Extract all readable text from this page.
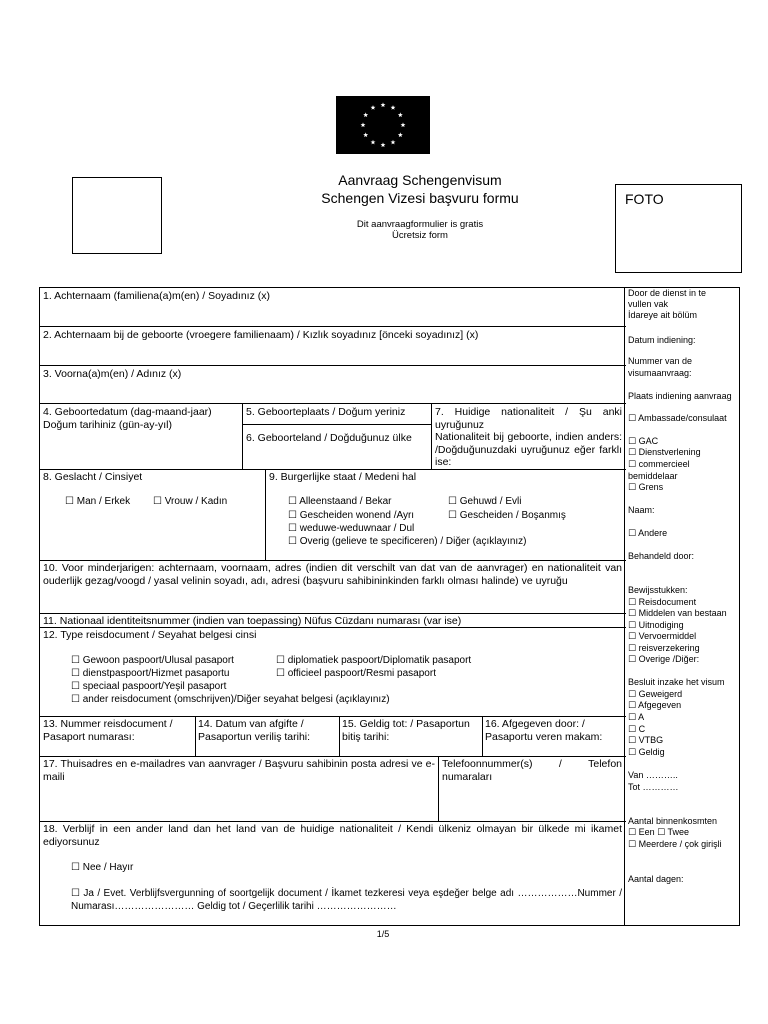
Aanvraag Schengenvisum
Schengen Vizesi başvuru formu
Dit aanvraagformulier is gratis
Ücretsiz form
FOTO
1. Achternaam (familiena(a)m(en) / Soyadınız (x)
2. Achternaam bij de geboorte (vroegere familienaam) / Kızlık soyadınız [önceki soyadınız] (x)
3. Voorna(a)m(en) / Adınız (x)
4. Geboortedatum (dag-maand-jaar) Doğum tarihiniz (gün-ay-yıl)
5. Geboorteplaats / Doğum yeriniz
6. Geboorteland / Doğduğunuz ülke
7. Huidige nationaliteit / Şu anki uyruğunuz
Nationaliteit bij geboorte, indien anders: /Doğduğunuzdaki uyruğunuz eğer farklı ise:
8. Geslacht / Cinsiyet
☐ Man / Erkek ☐ Vrouw / Kadın
9. Burgerlijke staat / Medeni hal
☐ Alleenstaand / Bekar	☐ Gehuwd / Evli
☐ Gescheiden wonend /Ayrı	☐ Gescheiden / Boşanmış
☐ weduwe-weduwnaar / Dul
☐ Overig (gelieve te specificeren) / Diğer (açıklayınız)
10. Voor minderjarigen: achternaam, voornaam, adres (indien dit verschilt van dat van de aanvrager) en nationaliteit van ouderlijk gezag/voogd / yasal velinin soyadı, adı, adresi (başvuru sahibininkinden farklı olması halinde) ve uyruğu
11. Nationaal identiteitsnummer (indien van toepassing) Nüfus Cüzdanı numarası (var ise)
12. Type reisdocument / Seyahat belgesi cinsi
☐ Gewoon paspoort/Ulusal pasaport	☐ diplomatiek paspoort/Diplomatik pasaport
☐ dienstpaspoort/Hizmet pasaportu	☐ officieel paspoort/Resmi pasaport
☐ speciaal paspoort/Yeşil pasaport
☐ ander reisdocument (omschrijven)/Diğer seyahat belgesi (açıklayınız)
13. Nummer reisdocument / Pasaport numarası:
14. Datum van afgifte / Pasaportun veriliş tarihi:
15. Geldig tot: / Pasaportun bitiş tarihi:
16. Afgegeven door: / Pasaportu veren makam:
17. Thuisadres en e-mailadres van aanvrager / Başvuru sahibinin posta adresi ve e-maili
Telefoonnummer(s) / Telefon numaraları
18. Verblijf in een ander land dan het land van de huidige nationaliteit / Kendi ülkeniz olmayan bir ülkede mi ikamet ediyorsunuz
☐ Nee / Hayır
☐ Ja / Evet. Verblijfsvergunning of soortgelijk document / İkamet tezkeresi veya eşdeğer belge adı ………………Nummer / Numarası…………………… Geldig tot / Geçerlilik tarihi ……………………
Door de dienst in te
vullen vak
İdareye ait bölüm
Datum indiening:
Nummer van de
visumaanvraag:
Plaats indiening aanvraag
☐ Ambassade/consulaat
☐ GAC
☐ Dienstverlening
☐ commercieel
bemiddelaar
☐ Grens
Naam:
☐ Andere
Behandeld door:
Bewijsstukken:
☐ Reisdocument
☐ Middelen van bestaan
☐ Uitnodiging
☐ Vervoermiddel
☐ reisverzekering
☐ Overige /Diğer:
Besluit inzake het visum
☐ Geweigerd
☐ Afgegeven
☐ A
☐ C
☐ VTBG
☐ Geldig
Van ………..
Tot …………
Aantal binnenkosmten
☐ Een ☐ Twee
☐ Meerdere / çok girişli
Aantal dagen:
1/5
